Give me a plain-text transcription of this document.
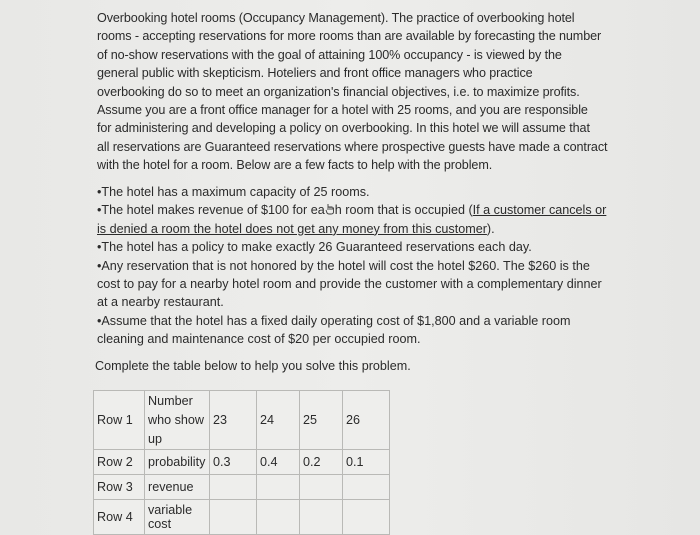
Overbooking hotel rooms (Occupancy Management). The practice of overbooking hotel
rooms - accepting reservations for more rooms than are available by forecasting the number
of no-show reservations with the goal of attaining 100% occupancy - is viewed by the
general public with skepticism. Hoteliers and front office managers who practice
overbooking do so to meet an organization's financial objectives, i.e. to maximize profits.
Assume you are a front office manager for a hotel with 25 rooms, and you are responsible
for administering and developing a policy on overbooking. In this hotel we will assume that
all reservations are Guaranteed reservations where prospective guests have made a contract
with the hotel for a room. Below are a few facts to help with the problem.
•The hotel has a maximum capacity of 25 rooms.
•The hotel makes revenue of $100 for ea h room that is occupied (If a customer cancels or
is denied a room the hotel does not get any money from this customer).
•The hotel has a policy to make exactly 26 Guaranteed reservations each day.
•Any reservation that is not honored by the hotel will cost the hotel $260. The $260 is the
cost to pay for a nearby hotel room and provide the customer with a complementary dinner
at a nearby restaurant.
•Assume that the hotel has a fixed daily operating cost of $1,800 and a variable room
cleaning and maintenance cost of $20 per occupied room.
Complete the table below to help you solve this problem.
Row 1	Number
who show
up	23	24	25	26
Row 2	probability	0.3	0.4	0.2	0.1
Row 3	revenue				
Row 4	variable
cost				
